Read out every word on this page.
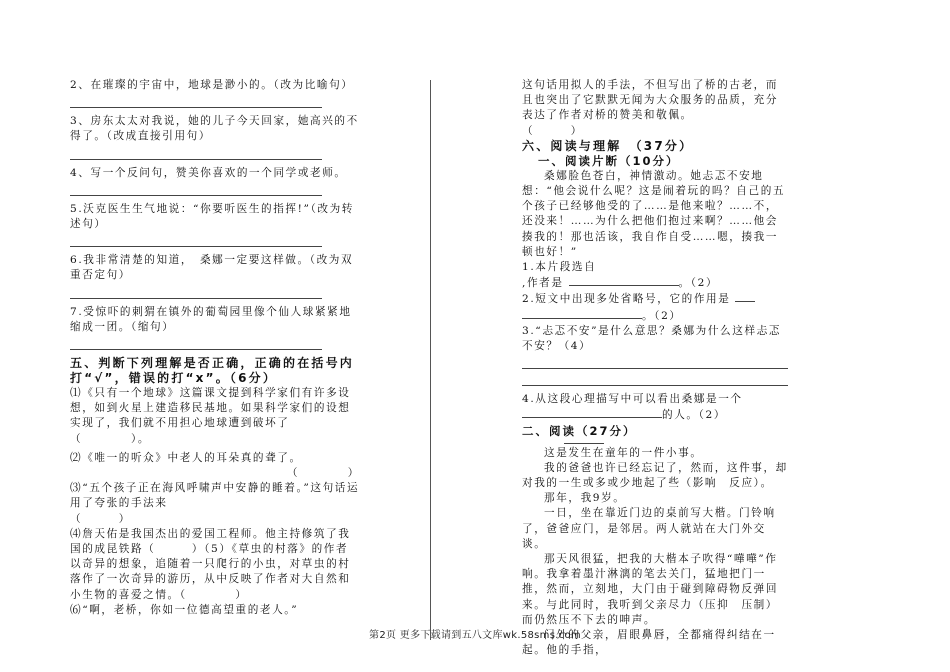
2、在璀璨的宇宙中，地球是渺小的。（改为比喻句）

3、房东太太对我说，她的儿子今天回家，她高兴的不得了。（改成直接引用句）

4、写一个反问句，赞美你喜欢的一个同学或老师。

5.沃克医生生气地说：“你要听医生的指挥!”（改为转述句）

6.我非常清楚的知道，　桑娜一定要这样做。（改为双重否定句）

7.受惊吓的刺猬在镇外的葡萄园里像个仙人球紧紧地缩成一团。（缩句）

五、判断下列理解是否正确，正确的在括号内打“√”，错误的打“x”。（6分）

⑴《只有一个地球》这篇课文提到科学家们有许多设想，如到火星上建造移民基地。如果科学家们的设想实现了，我们就不用担心地球遭到破坏了　　　　　（　　　　）。

⑵《唯一的听众》中老人的耳朵真的聋了。

（　　　　）

⑶“五个孩子正在海风呼啸声中安静的睡着。”这句话运用了夸张的手法来

（　　　）

⑷詹天佑是我国杰出的爱国工程师。他主持修筑了我国的成昆铁路（　　　）（5）《草虫的村落》的作者以奇异的想象，追随着一只爬行的小虫，对草虫的村落作了一次奇异的游历，从中反映了作者对大自然和小生物的喜爱之情。（　　　　）

⑹“啊，老桥，你如一位德高望重的老人。”

这句话用拟人的手法，不但写出了桥的古老，而且也突出了它默默无闻为大众服务的品质，充分表达了作者对桥的赞美和敬佩。

（　　　）

六、阅读与理解　（37分）
一、阅读片断（10分）

桑娜脸色苍白，神情激动。她忐忑不安地想：“他会说什么呢？这是闹着玩的吗？自己的五个孩子已经够他受的了……是他来啦？……不，还没来！……为什么把他们抱过来啊？……他会揍我的！那也活该，我自作自受……嗯，揍我一顿也好！”

1.本片段选自
,作者是	。（2）

2.短文中出现多处省略号，它的作用是
。（2）

3.“忐忑不安”是什么意思？桑娜为什么这样忐忑不安？（4）

4.从这段心理描写中可以看出桑娜是一个
的人。（2）

二、阅读（27分）

这是发生在童年的一件小事。

我的爸爸也许已经忘记了，然而，这件事，却对我的一生或多或少地起了些（影响　反应）。

那年，我9岁。

一日，坐在靠近门边的桌前写大楷。门铃响了，爸爸应门，是邻居。两人就站在大门外交谈。

那天风很猛，把我的大楷本子吹得“嘩嘩”作响。我拿着墨汁淋漓的笔去关门，猛地把门一推，然而，立刻地，大门由于碰到障碍物反弹回来。与此同时，我听到父亲尽力（压抑　压制）而仍然压不下去的呻声。

门外的父亲，眉眼鼻唇，全都痛得纠结在一起。他的手指，

第2页 更多下载请到五八文库wk.58sms.com
